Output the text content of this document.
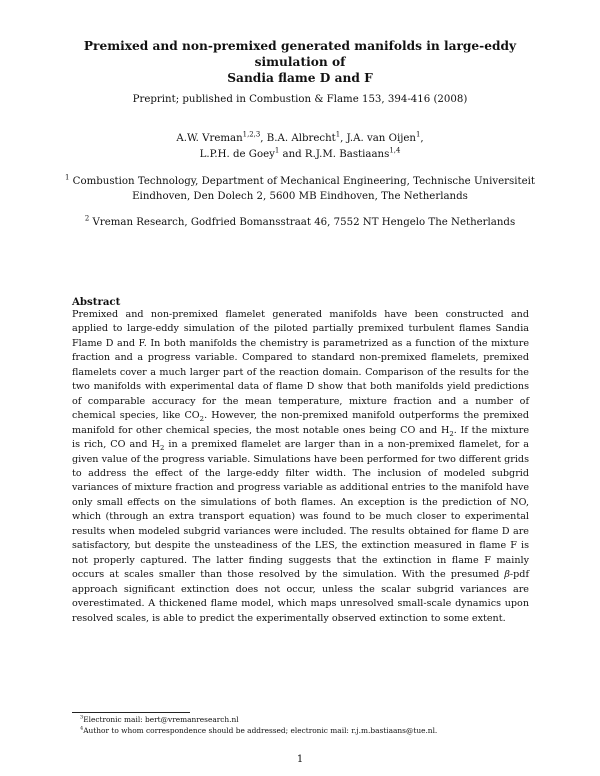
Premixed and non-premixed generated manifolds in large-eddy simulation of
Sandia flame D and F
Preprint; published in Combustion & Flame 153, 394-416 (2008)
A.W. Vreman$^{1,2,3}$, B.A. Albrecht$^1$, J.A. van Oijen$^1$,
L.P.H. de Goey$^1$ and R.J.M. Bastiaans$^{1,4}$
$^1$ Combustion Technology, Department of Mechanical Engineering, Technische Universiteit
Eindhoven, Den Dolech 2, 5600 MB Eindhoven, The Netherlands
$^2$ Vreman Research, Godfried Bomansstraat 46, 7552 NT Hengelo The Netherlands
Abstract
Premixed and non-premixed flamelet generated manifolds have been constructed and applied to large-eddy simulation of the piloted partially premixed turbulent flames Sandia Flame D and F. In both manifolds the chemistry is parametrized as a function of the mixture fraction and a progress variable. Compared to standard non-premixed flamelets, premixed flamelets cover a much larger part of the reaction domain. Comparison of the results for the two manifolds with experimental data of flame D show that both manifolds yield predictions of comparable accuracy for the mean temperature, mixture fraction and a number of chemical species, like $CO_2$. However, the non-premixed manifold outperforms the premixed manifold for other chemical species, the most notable ones being CO and $H_2$. If the mixture is rich, CO and $H_2$ in a premixed flamelet are larger than in a non-premixed flamelet, for a given value of the progress variable. Simulations have been performed for two different grids to address the effect of the large-eddy filter width. The inclusion of modeled subgrid variances of mixture fraction and progress variable as additional entries to the manifold have only small effects on the simulations of both flames. An exception is the prediction of NO, which (through an extra transport equation) was found to be much closer to experimental results when modeled subgrid variances were included. The results obtained for flame D are satisfactory, but despite the unsteadiness of the LES, the extinction measured in flame F is not properly captured. The latter finding suggests that the extinction in flame F mainly occurs at scales smaller than those resolved by the simulation. With the presumed β-pdf approach significant extinction does not occur, unless the scalar subgrid variances are overestimated. A thickened flame model, which maps unresolved small-scale dynamics upon resolved scales, is able to predict the experimentally observed extinction to some extent.
$^3$Electronic mail: bert@vremanresearch.nl
$^4$Author to whom correspondence should be addressed; electronic mail: r.j.m.bastiaans@tue.nl.
1
